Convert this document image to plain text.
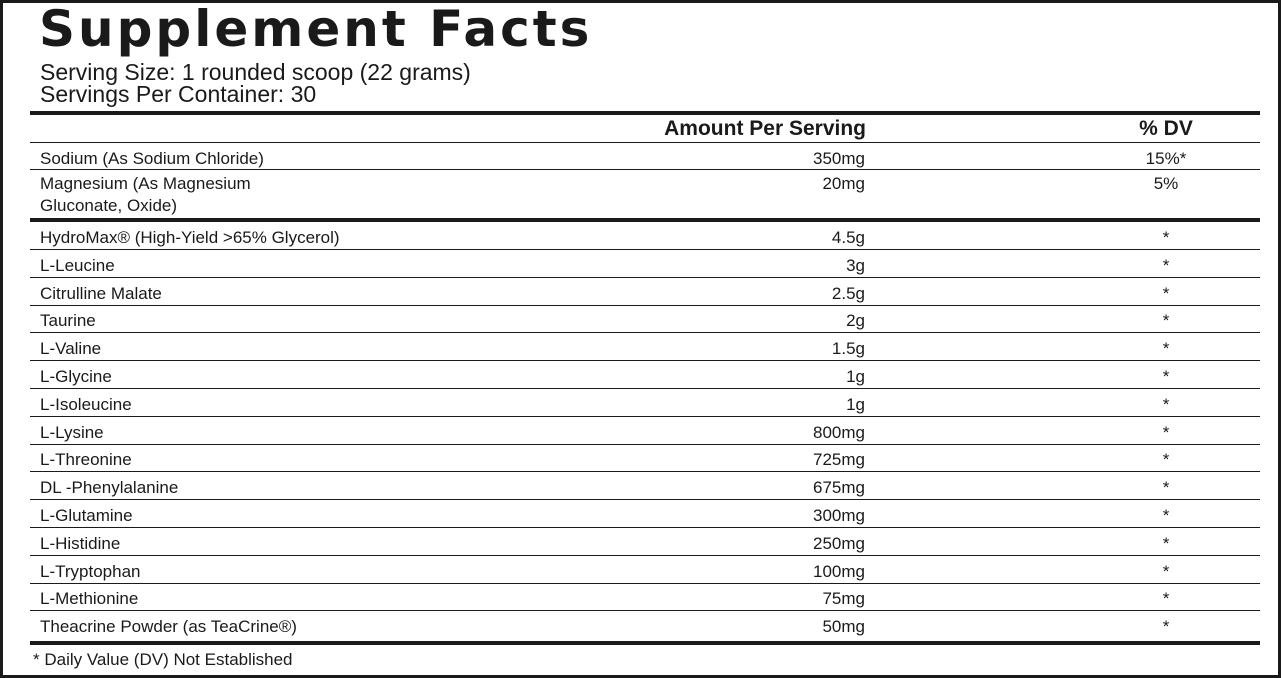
Supplement Facts
Serving Size: 1 rounded scoop (22 grams)
Servings Per Container: 30
Amount Per Serving	% DV
Sodium (As Sodium Chloride)	350mg	15%*
Magnesium (As Magnesium
Gluconate, Oxide)
20mg	5%
HydroMax® (High-Yield >65% Glycerol)	4.5g	*
L-Leucine	3g	*
Citrulline Malate	2.5g	*
Taurine	2g	*
L-Valine	1.5g	*
L-Glycine	1g	*
L-Isoleucine	1g	*
L-Lysine	800mg	*
L-Threonine	725mg	*
DL -Phenylalanine	675mg	*
L-Glutamine	300mg	*
L-Histidine	250mg	*
L-Tryptophan	100mg	*
L-Methionine	75mg	*
Theacrine Powder (as TeaCrine®)	50mg	*
* Daily Value (DV) Not Established
